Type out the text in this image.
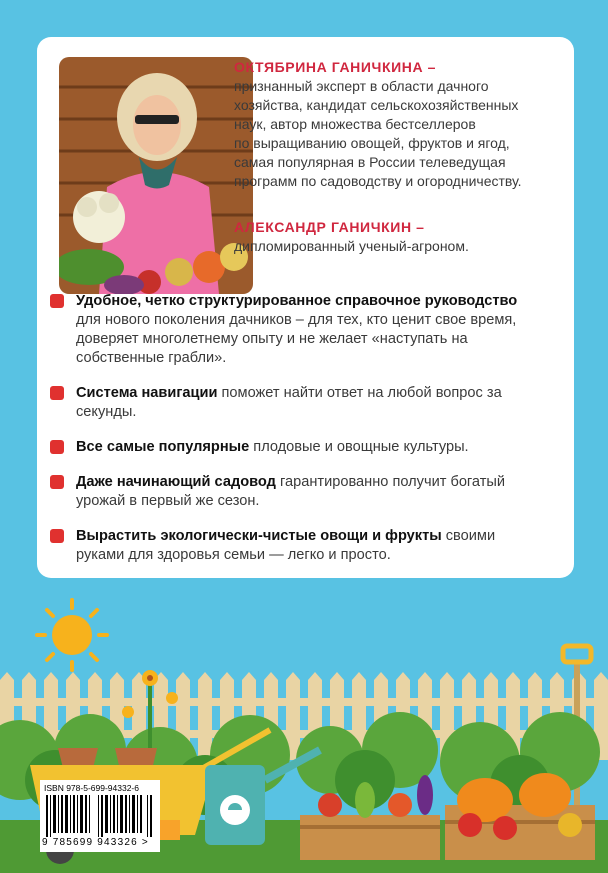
ОКТЯБРИНА ГАНИЧКИНА –
признанный эксперт в области дачного
хозяйства, кандидат сельскохозяйственных
наук, автор множества бестселлеров
по выращиванию овощей, фруктов и ягод,
самая популярная в России телеведущая
программ по садоводству и огородничеству.
АЛЕКСАНДР ГАНИЧКИН –
дипломированный ученый-агроном.
Удобное, четко структурированное справочное руководство для нового поколения дачников – для тех, кто ценит свое время, доверяет многолетнему опыту и не желает «наступать на собственные грабли».
Система навигации поможет найти ответ на любой вопрос за секунды.
Все самые популярные плодовые и овощные культуры.
Даже начинающий садовод гарантированно получит богатый урожай в первый же сезон.
Вырастить экологически-чистые овощи и фрукты своими руками для здоровья семьи — легко и просто.
ISBN 978-5-699-94332-6
9 785699 943326 >
